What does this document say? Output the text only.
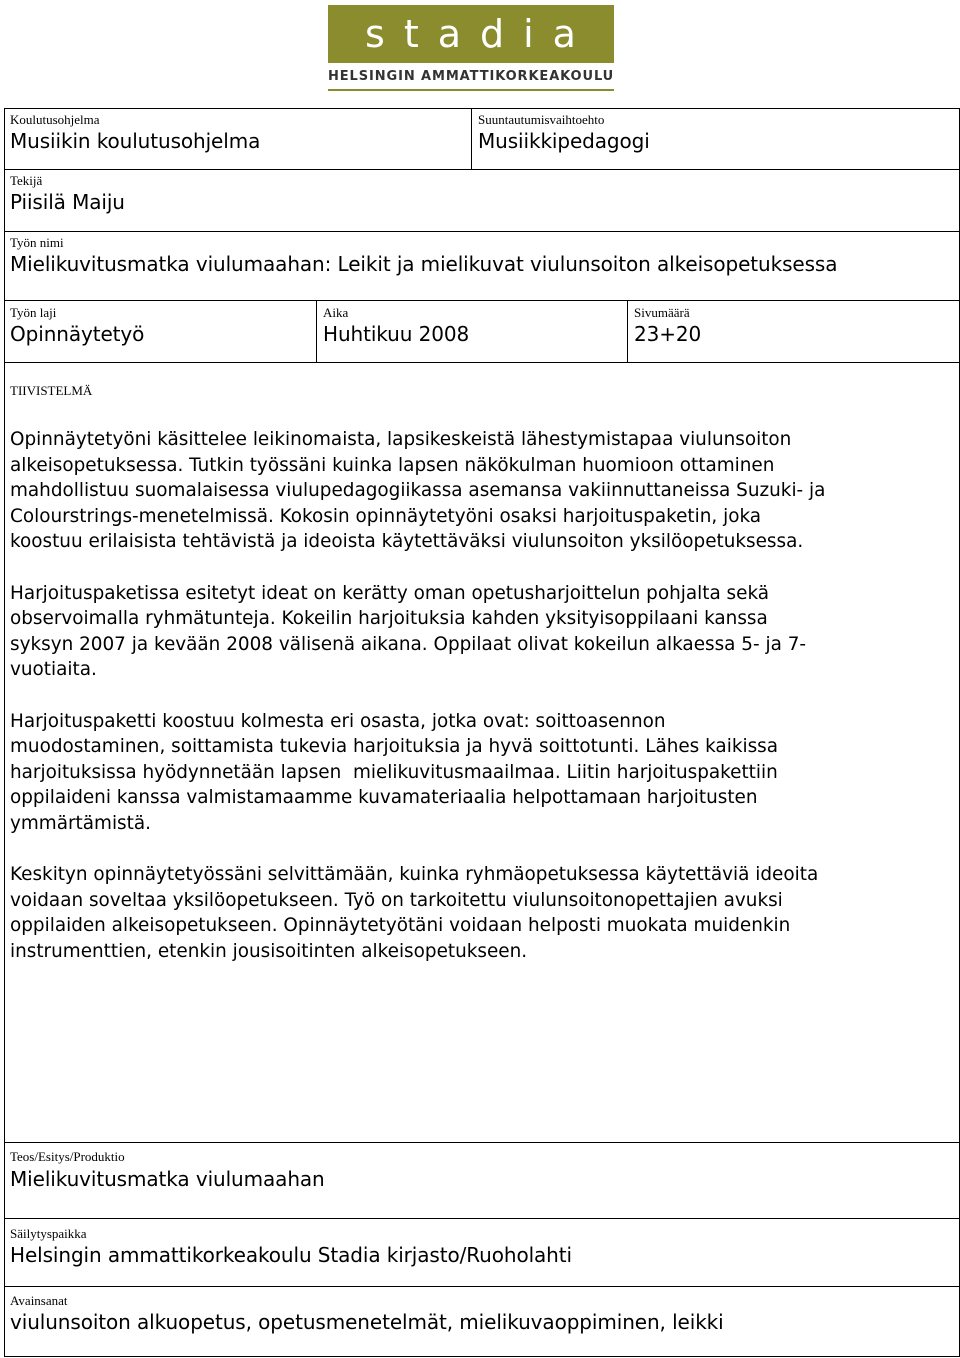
stadia
HELSINGIN AMMATTIKORKEAKOULU
Koulutusohjelma
Musiikin koulutusohjelma
Suuntautumisvaihtoehto
Musiikkipedagogi
Tekijä
Piisilä Maiju
Työn nimi
Mielikuvitusmatka viulumaahan: Leikit ja mielikuvat viulunsoiton alkeisopetuksessa
Työn laji
Opinnäytetyö
Aika
Huhtikuu 2008
Sivumäärä
23+20
TIIVISTELMÄ

Opinnäytetyöni käsittelee leikinomaista, lapsikeskeistä lähestymistapaa viulunsoiton
alkeisopetuksessa. Tutkin työssäni kuinka lapsen näkökulman huomioon ottaminen
mahdollistuu suomalaisessa viulupedagogiikassa asemansa vakiinnuttaneissa Suzuki- ja
Colourstrings-menetelmissä. Kokosin opinnäytetyöni osaksi harjoituspaketin, joka
koostuu erilaisista tehtävistä ja ideoista käytettäväksi viulunsoiton yksilöopetuksessa.

Harjoituspaketissa esitetyt ideat on kerätty oman opetusharjoittelun pohjalta sekä
observoimalla ryhmätunteja. Kokeilin harjoituksia kahden yksityisoppilaani kanssa
syksyn 2007 ja kevään 2008 välisenä aikana. Oppilaat olivat kokeilun alkaessa 5- ja 7-
vuotiaita.

Harjoituspaketti koostuu kolmesta eri osasta, jotka ovat: soittoasennon
muodostaminen, soittamista tukevia harjoituksia ja hyvä soittotunti. Lähes kaikissa
harjoituksissa hyödynnetään lapsen  mielikuvitusmaailmaa. Liitin harjoituspakettiin
oppilaideni kanssa valmistamaamme kuvamateriaalia helpottamaan harjoitusten
ymmärtämistä.

Keskityn opinnäytetyössäni selvittämään, kuinka ryhmäopetuksessa käytettäviä ideoita
voidaan soveltaa yksilöopetukseen. Työ on tarkoitettu viulunsoitonopettajien avuksi
oppilaiden alkeisopetukseen. Opinnäytetyötäni voidaan helposti muokata muidenkin
instrumenttien, etenkin jousisoitinten alkeisopetukseen.

Teos/Esitys/Produktio
Mielikuvitusmatka viulumaahan
Säilytyspaikka
Helsingin ammattikorkeakoulu Stadia kirjasto/Ruoholahti
Avainsanat
viulunsoiton alkuopetus, opetusmenetelmät, mielikuvaoppiminen, leikki
